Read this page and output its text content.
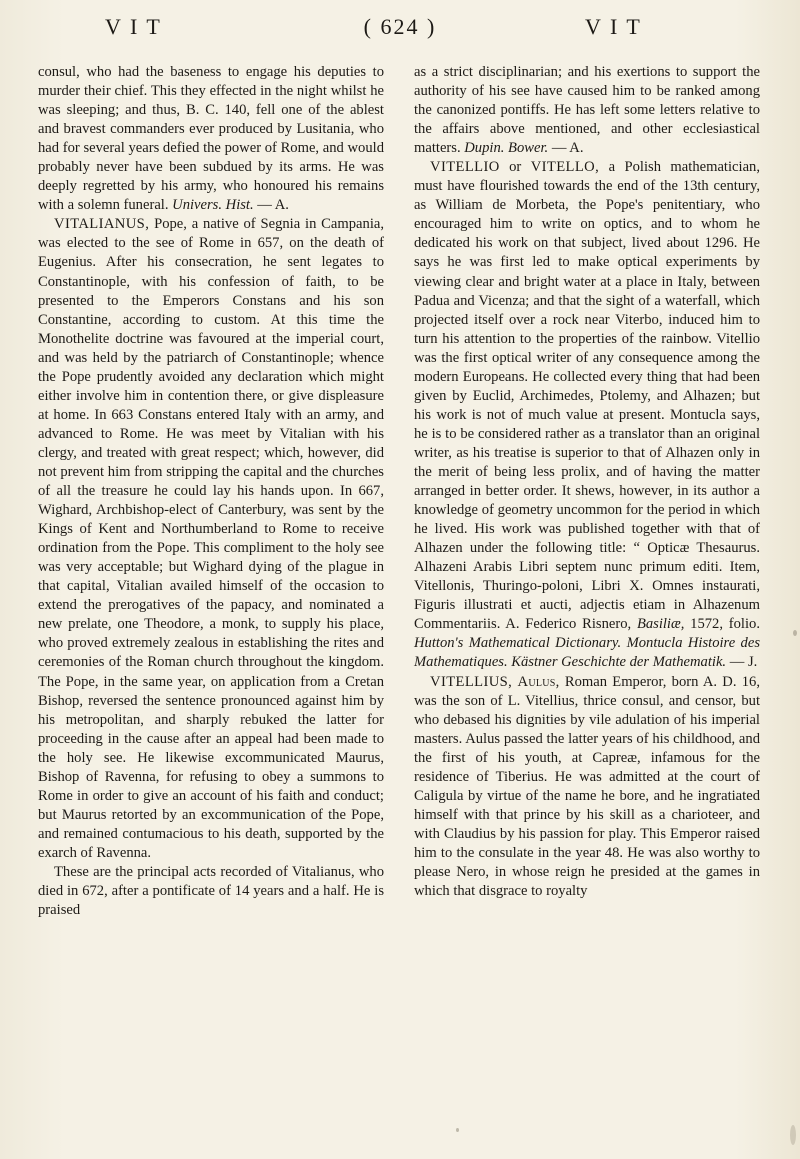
V I T	( 624 )	V I T

consul, who had the baseness to engage his deputies to murder their chief. This they effected in the night whilst he was sleeping; and thus, B. C. 140, fell one of the ablest and bravest commanders ever produced by Lusitania, who had for several years defied the power of Rome, and would probably never have been subdued by its arms. He was deeply regretted by his army, who honoured his remains with a solemn funeral. Univers. Hist. — A.

VITALIANUS, Pope, a native of Segnia in Campania, was elected to the see of Rome in 657, on the death of Eugenius. After his consecration, he sent legates to Constantinople, with his confession of faith, to be presented to the Emperors Constans and his son Constantine, according to custom. At this time the Monothelite doctrine was favoured at the imperial court, and was held by the patriarch of Constantinople; whence the Pope prudently avoided any declaration which might either involve him in contention there, or give displeasure at home. In 663 Constans entered Italy with an army, and advanced to Rome. He was meet by Vitalian with his clergy, and treated with great respect; which, however, did not prevent him from stripping the capital and the churches of all the treasure he could lay his hands upon. In 667, Wighard, Archbishop-elect of Canterbury, was sent by the Kings of Kent and Northumberland to Rome to receive ordination from the Pope. This compliment to the holy see was very acceptable; but Wighard dying of the plague in that capital, Vitalian availed himself of the occasion to extend the prerogatives of the papacy, and nominated a new prelate, one Theodore, a monk, to supply his place, who proved extremely zealous in establishing the rites and ceremonies of the Roman church throughout the kingdom. The Pope, in the same year, on application from a Cretan Bishop, reversed the sentence pronounced against him by his metropolitan, and sharply rebuked the latter for proceeding in the cause after an appeal had been made to the holy see. He likewise excommunicated Maurus, Bishop of Ravenna, for refusing to obey a summons to Rome in order to give an account of his faith and conduct; but Maurus retorted by an excommunication of the Pope, and remained contumacious to his death, supported by the exarch of Ravenna.

These are the principal acts recorded of Vitalianus, who died in 672, after a pontificate of 14 years and a half. He is praised

as a strict disciplinarian; and his exertions to support the authority of his see have caused him to be ranked among the canonized pontiffs. He has left some letters relative to the affairs above mentioned, and other ecclesiastical matters. Dupin. Bower. — A.

VITELLIO or VITELLO, a Polish mathematician, must have flourished towards the end of the 13th century, as William de Morbeta, the Pope's penitentiary, who encouraged him to write on optics, and to whom he dedicated his work on that subject, lived about 1296. He says he was first led to make optical experiments by viewing clear and bright water at a place in Italy, between Padua and Vicenza; and that the sight of a waterfall, which projected itself over a rock near Viterbo, induced him to turn his attention to the properties of the rainbow. Vitellio was the first optical writer of any consequence among the modern Europeans. He collected every thing that had been given by Euclid, Archimedes, Ptolemy, and Alhazen; but his work is not of much value at present. Montucla says, he is to be considered rather as a translator than an original writer, as his treatise is superior to that of Alhazen only in the merit of being less prolix, and of having the matter arranged in better order. It shews, however, in its author a knowledge of geometry uncommon for the period in which he lived. His work was published together with that of Alhazen under the following title: “ Opticæ Thesaurus. Alhazeni Arabis Libri septem nunc primum editi. Item, Vitellonis, Thuringo-poloni, Libri X. Omnes instaurati, Figuris illustrati et aucti, adjectis etiam in Alhazenum Commentariis. A. Federico Risnero, Basiliæ, 1572, folio. Hutton's Mathematical Dictionary. Montucla Histoire des Mathematiques. Kästner Geschichte der Mathematik. — J.

VITELLIUS, Aulus, Roman Emperor, born A. D. 16, was the son of L. Vitellius, thrice consul, and censor, but who debased his dignities by vile adulation of his imperial masters. Aulus passed the latter years of his childhood, and the first of his youth, at Capreæ, infamous for the residence of Tiberius. He was admitted at the court of Caligula by virtue of the name he bore, and he ingratiated himself with that prince by his skill as a charioteer, and with Claudius by his passion for play. This Emperor raised him to the consulate in the year 48. He was also worthy to please Nero, in whose reign he presided at the games in which that disgrace to royalty
